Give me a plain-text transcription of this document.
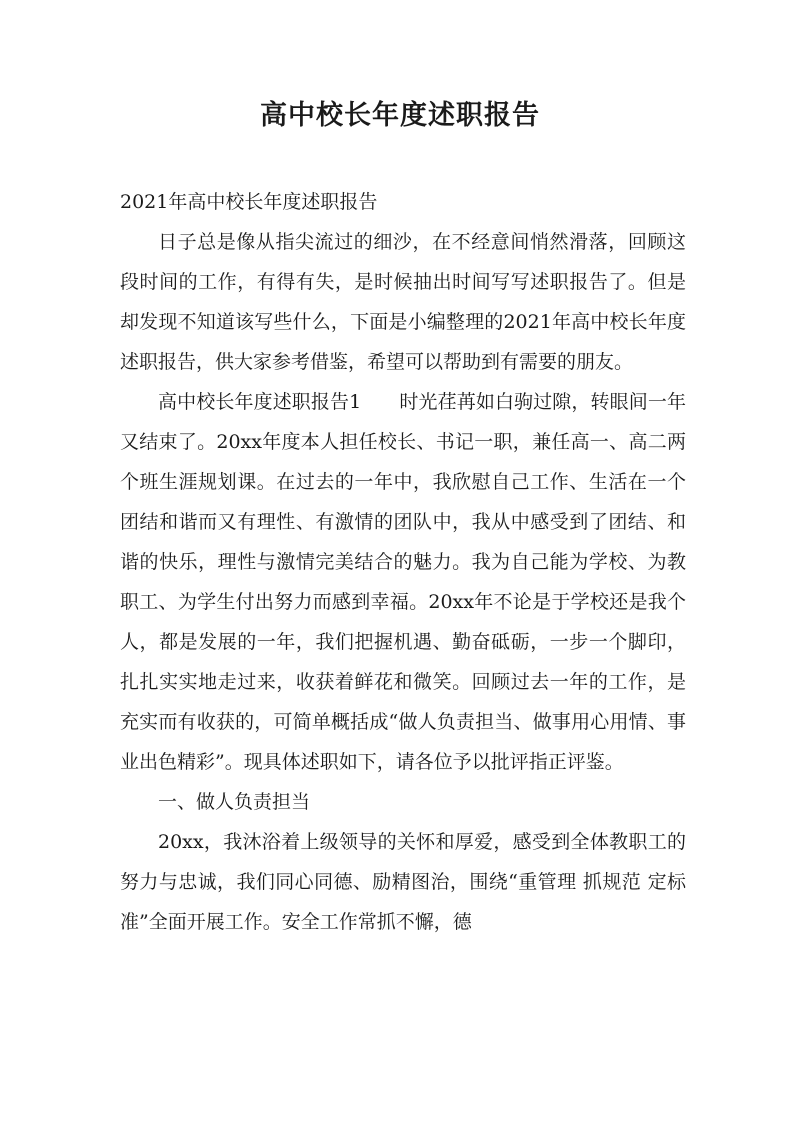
高中校长年度述职报告

2021年高中校长年度述职报告

日子总是像从指尖流过的细沙，在不经意间悄然滑落，回顾这段时间的工作，有得有失，是时候抽出时间写写述职报告了。但是却发现不知道该写些什么，下面是小编整理的2021年高中校长年度述职报告，供大家参考借鉴，希望可以帮助到有需要的朋友。

高中校长年度述职报告1 时光荏苒如白驹过隙，转眼间一年又结束了。20xx年度本人担任校长、书记一职，兼任高一、高二两个班生涯规划课。在过去的一年中，我欣慰自己工作、生活在一个团结和谐而又有理性、有激情的团队中，我从中感受到了团结、和谐的快乐，理性与激情完美结合的魅力。我为自己能为学校、为教职工、为学生付出努力而感到幸福。20xx年不论是于学校还是我个人，都是发展的一年，我们把握机遇、勤奋砥砺，一步一个脚印，扎扎实实地走过来，收获着鲜花和微笑。回顾过去一年的工作，是充实而有收获的，可简单概括成“做人负责担当、做事用心用情、事业出色精彩”。现具体述职如下，请各位予以批评指正评鉴。

一、做人负责担当

20xx，我沐浴着上级领导的关怀和厚爱，感受到全体教职工的努力与忠诚，我们同心同德、励精图治，围绕“重管理 抓规范 定标准”全面开展工作。安全工作常抓不懈，德
